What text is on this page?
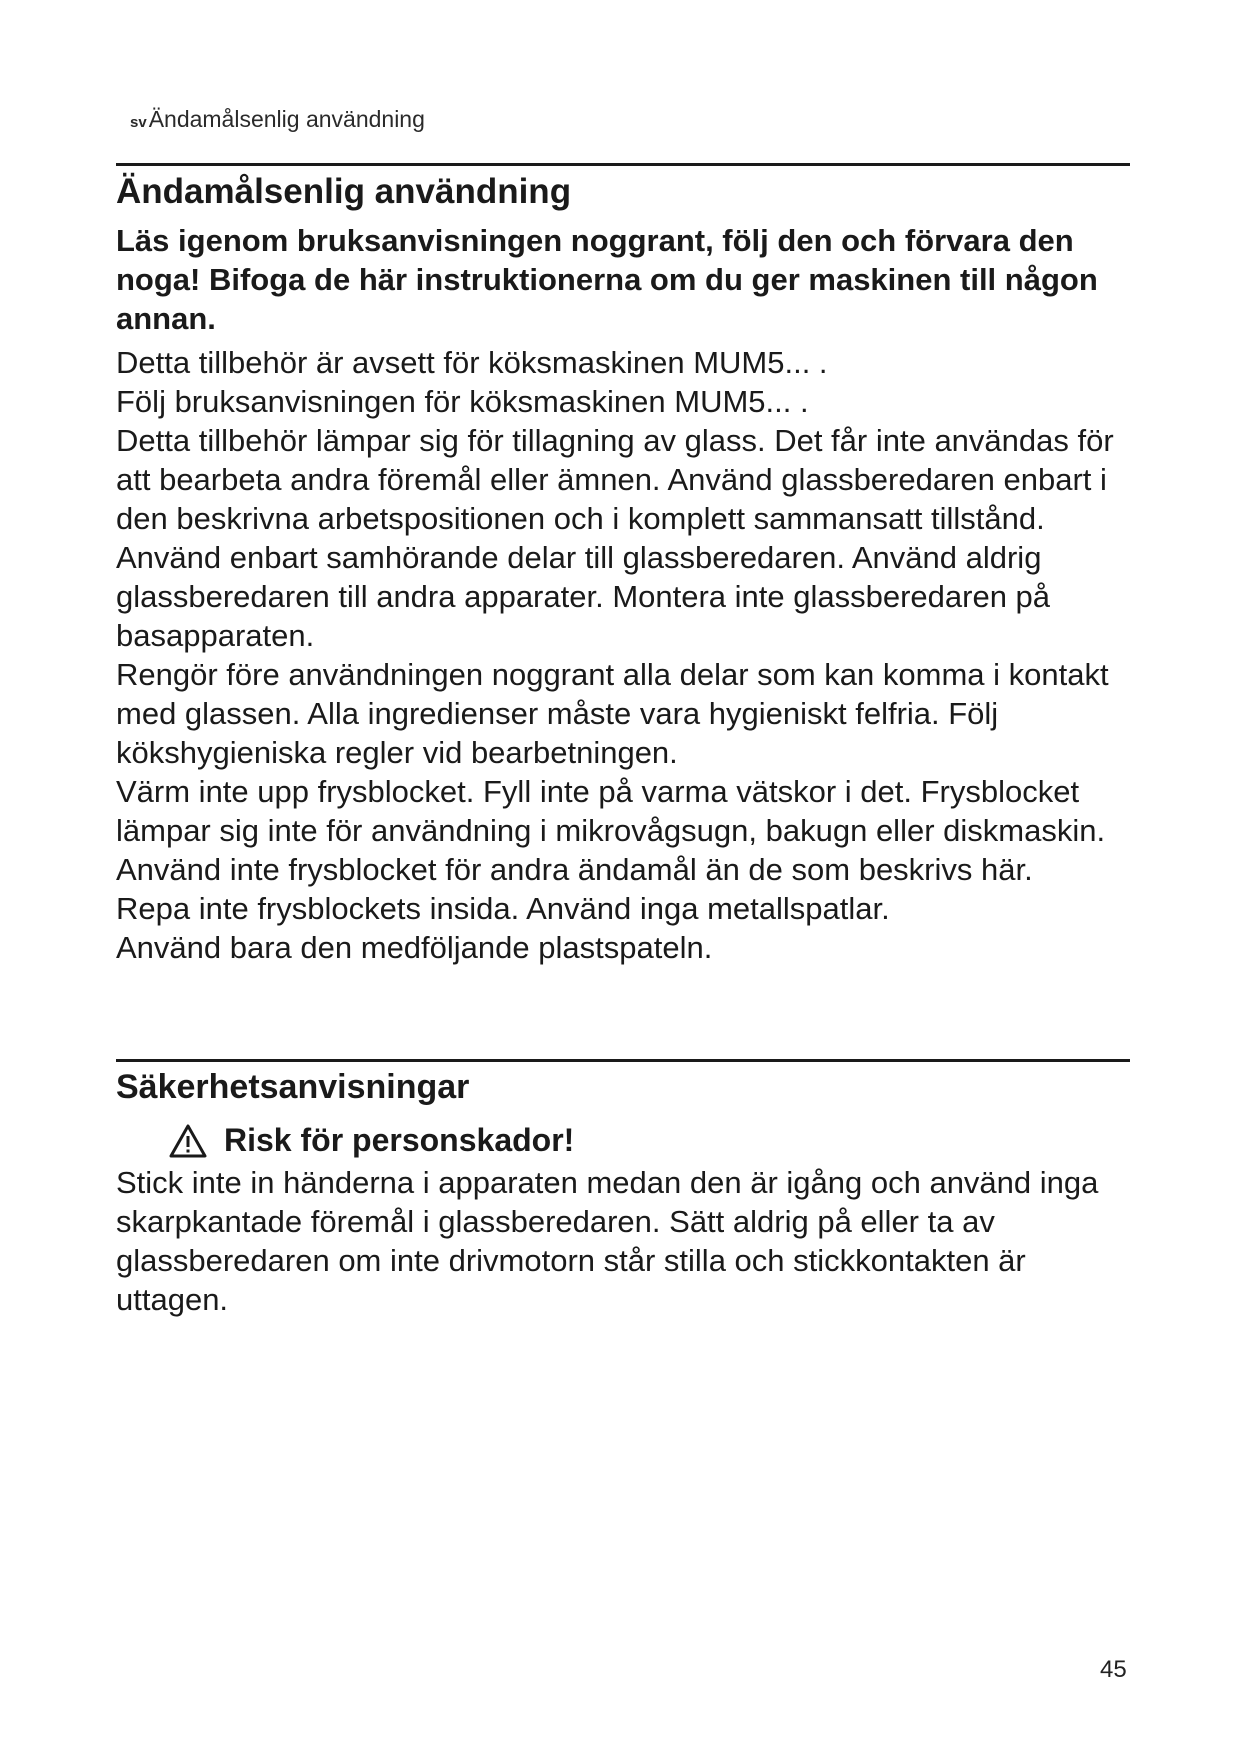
svÄndamålsenlig användning
Ändamålsenlig användning

Läs igenom bruksanvisningen noggrant, följ den och förvara den noga! Bifoga de här instruktionerna om du ger maskinen till någon annan.

Detta tillbehör är avsett för köksmaskinen MUM5... .

Följ bruksanvisningen för köksmaskinen MUM5... .

Detta tillbehör lämpar sig för tillagning av glass. Det får inte användas för att bearbeta andra föremål eller ämnen. Använd glassberedaren enbart i den beskrivna arbetspositionen och i komplett sammansatt tillstånd.

Använd enbart samhörande delar till glassberedaren. Använd aldrig glassberedaren till andra apparater. Montera inte glassberedaren på basapparaten.

Rengör före användningen noggrant alla delar som kan komma i kontakt med glassen. Alla ingredienser måste vara hygieniskt felfria. Följ kökshygieniska regler vid bearbetningen.

Värm inte upp frysblocket. Fyll inte på varma vätskor i det. Frysblocket lämpar sig inte för användning i mikrovågsugn, bakugn eller diskmaskin. Använd inte frysblocket för andra ändamål än de som beskrivs här.

Repa inte frysblockets insida. Använd inga metallspatlar.

Använd bara den medföljande plastspateln.

Säkerhetsanvisningar
Risk för personskador!

Stick inte in händerna i apparaten medan den är igång och använd inga skarpkantade föremål i glassberedaren. Sätt aldrig på eller ta av glassberedaren om inte drivmotorn står stilla och stickkontakten är uttagen.

45
